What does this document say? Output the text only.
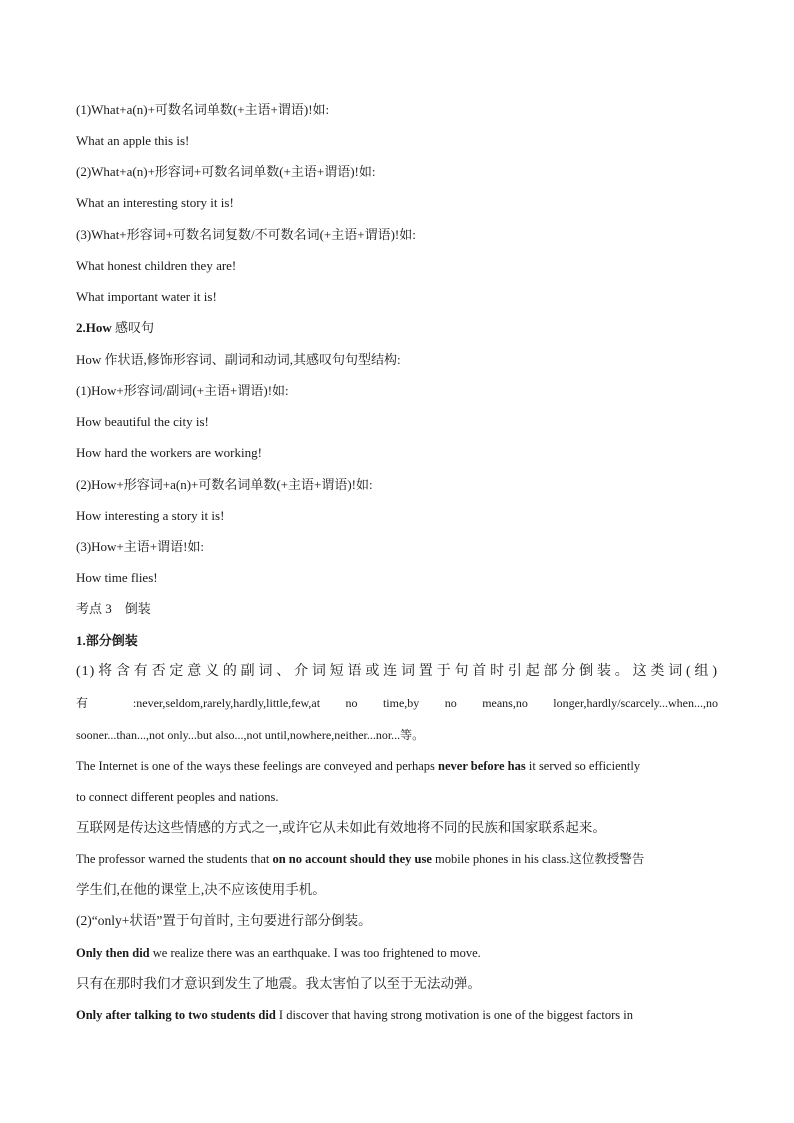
(1)What+a(n)+可数名词单数(+主语+谓语)!如:
What an apple this is!
(2)What+a(n)+形容词+可数名词单数(+主语+谓语)!如:
What an interesting story it is!
(3)What+形容词+可数名词复数/不可数名词(+主语+谓语)!如:
What honest children they are!
What important water it is!
2.How 感叹句
How 作状语,修饰形容词、副词和动词,其感叹句句型结构:
(1)How+形容词/副词(+主语+谓语)!如:
How beautiful the city is!
How hard the workers are working!
(2)How+形容词+a(n)+可数名词单数(+主语+谓语)!如:
How interesting a story it is!
(3)How+主语+谓语!如:
How time flies!
考点 3    倒装
1.部分倒装
(1)将含有否定意义的副词、介词短语或连词置于句首时引起部分倒装。这类词(组)
有 :never,seldom,rarely,hardly,little,few,at no time,by no means,no longer,hardly/scarcely...when...,no
sooner...than...,not only...but also...,not until,nowhere,neither...nor...等。
The Internet is one of the ways these feelings are conveyed and perhaps never before has it served so efficiently
to connect different peoples and nations.
互联网是传达这些情感的方式之一,或许它从未如此有效地将不同的民族和国家联系起来。
The professor warned the students that on no account should they use mobile phones in his class.这位教授警告
学生们,在他的课堂上,决不应该使用手机。
(2)“only+状语”置于句首时, 主句要进行部分倒装。
Only then did we realize there was an earthquake. I was too frightened to move.
只有在那时我们才意识到发生了地震。我太害怕了以至于无法动弹。
Only after talking to two students did I discover that having strong motivation is one of the biggest factors in
